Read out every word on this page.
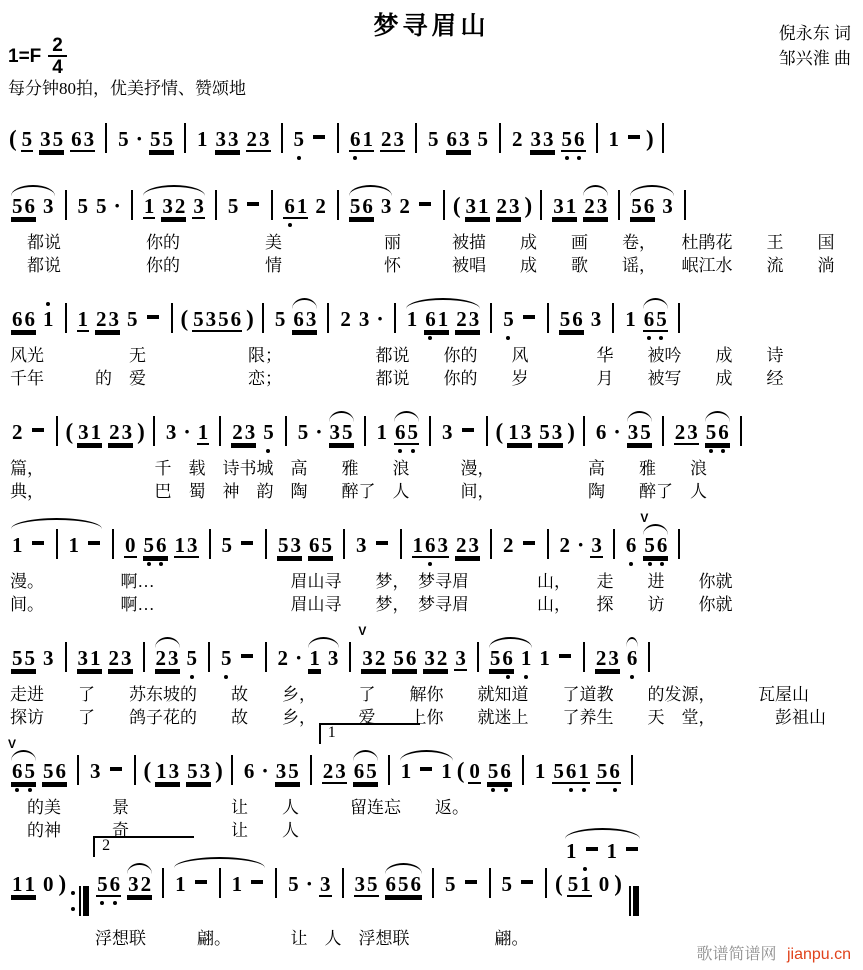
梦寻眉山
$1=F \frac{2}{4}$
倪永东 词
邹兴淮 曲
每分钟80拍，优美抒情、赞颂地
( 5 35 63 5 · 55 1 33 23 5 6
1 23 5 63 5 2 33 5
6 1 )
56 3 5 5 · 1 32 3 5 6
1 2 56 3 2 ( 31 23 ) 31 23 56 3
　都说　　　　　你的　　　　　美　　　　　　丽　　　被描　　成　　画　　卷，　　杜鹃花　　王　　国
　都说　　　　　你的　　　　　情　　　　　　怀　　　被唱　　成　　歌　　谣，　　岷江水　　流　　淌
66 1 1 23 5 ( 5356 ) 5 63 2 3 · 1 6
1 23 5 56 3 1 6
5
风光　　　　　无　　　　　　限；　　　　　　都说　　你的　　风　　　　华　　被吟　　成　　诗
千年　　　的　爱　　　　　　恋；　　　　　　都说　　你的　　岁　　　　月　　被写　　成　　经
2 ( 31 23 ) 3 · 1 23 5 5 · 35 1 6
5 3 ( 13 53 ) 6 · 35 23 5
6
篇，　　　　　　　千　载　诗书城　高　　雅　　浪　　　漫，　　　　　　高　　雅　　浪
典，　　　　　　　巴　蜀　神　韵　陶　　醉了　人　　　间，　　　　　　陶　　醉了　人
1 1 0 5
6 13 5 53 65 3 16
3 23 2 2 · 3 6
V
5
6
漫。　　　　　啊…　　　　　　　　眉山寻　　梦，　梦寻眉　　　　山，　　走　　进　　你就
间。　　　　　啊…　　　　　　　　眉山寻　　梦，　梦寻眉　　　　山，　　探　　访　　你就
55 3 31 23 23 5 5 2 · 1 3
V
32 56 32 3 56 1 1 23 6
走进　　了　　苏东坡的　　故　　乡，　　　了　　解你　　就知道　　了道教　　的发源，　　　瓦屋山
探访　　了　　鸽子花的　　故　　乡，　　　爱　　上你　　就迷上　　了养生　　天　堂，　　　　彭祖山
V
6
5 56 3 ( 13 53 ) 6 · 35
1
23 65 1 1 ( 0 5
6 1 56
1 56
　的美　　　景　　　　　　让　　人　　　留连忘　　返。
　的神　　　奇　　　　　　让　　人
1 1
11 0 )
2
5
6 32 1 1 5 · 3 35 656 5 5 ( 51 0 )
　　　　　浮想联　　　翩。　　　　让　人　浮想联　　　　　翩。
歌谱简谱网 jianpu.cn
